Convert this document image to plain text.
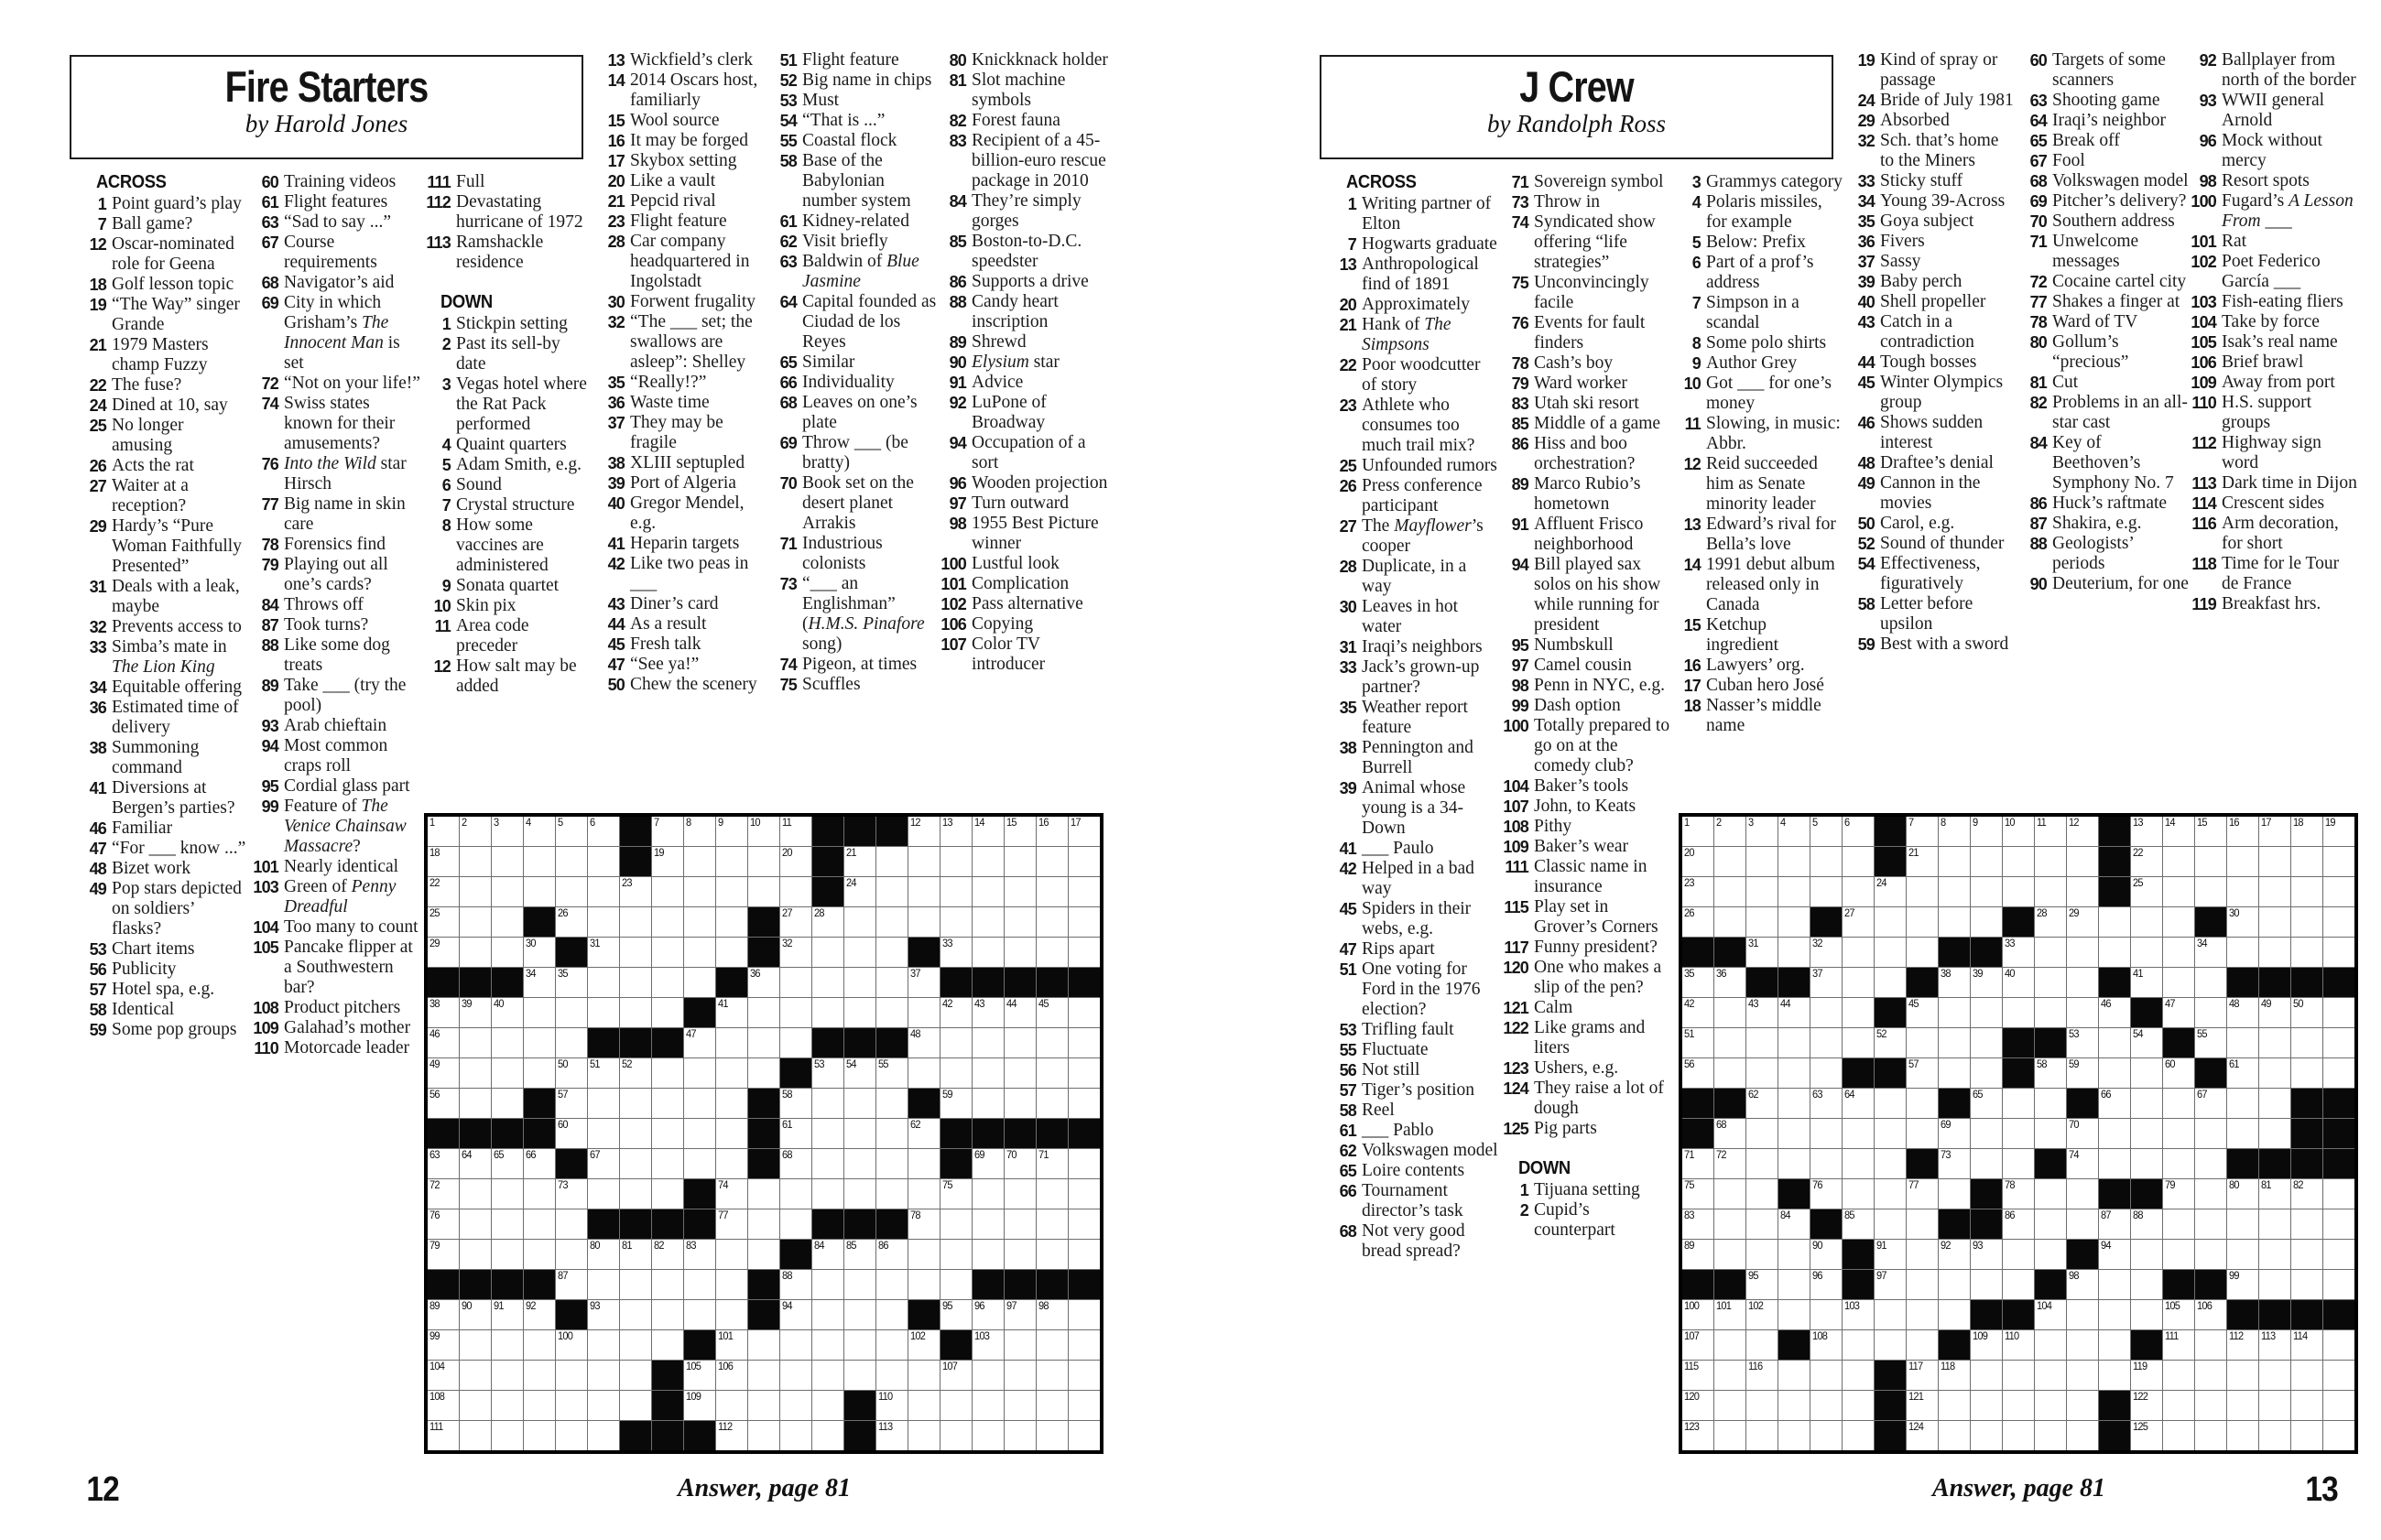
Fire Starters
by Harold Jones
ACROSS
1 Point guard’s play
7 Ball game?
12 Oscar-nominated role for Geena
18 Golf lesson topic
19 “The Way” singer Grande
21 1979 Masters champ Fuzzy
22 The fuse?
24 Dined at 10, say
25 No longer amusing
26 Acts the rat
27 Waiter at a reception?
29 Hardy’s “Pure Woman Faithfully Presented”
31 Deals with a leak, maybe
32 Prevents access to
33 Simba’s mate in The Lion King
34 Equitable offering
36 Estimated time of delivery
38 Summoning command
41 Diversions at Bergen’s parties?
46 Familiar
47 “For ___ know ...”
48 Bizet work
49 Pop stars depicted on soldiers’ flasks?
53 Chart items
56 Publicity
57 Hotel spa, e.g.
58 Identical
59 Some pop groups
60 Training videos
61 Flight features
63 “Sad to say ...”
67 Course requirements
68 Navigator’s aid
69 City in which Grisham’s The Innocent Man is set
72 “Not on your life!”
74 Swiss states known for their amusements?
76 Into the Wild star Hirsch
77 Big name in skin care
78 Forensics find
79 Playing out all one’s cards?
84 Throws off
87 Took turns?
88 Like some dog treats
89 Take ___ (try the pool)
93 Arab chieftain
94 Most common craps roll
95 Cordial glass part
99 Feature of The Venice Chainsaw Massacre?
101 Nearly identical
103 Green of Penny Dreadful
104 Too many to count
105 Pancake flipper at a Southwestern bar?
108 Product pitchers
109 Galahad’s mother
110 Motorcade leader
111 Full
112 Devastating hurricane of 1972
113 Ramshackle residence
DOWN
1 Stickpin setting
2 Past its sell-by date
3 Vegas hotel where the Rat Pack performed
4 Quaint quarters
5 Adam Smith, e.g.
6 Sound
7 Crystal structure
8 How some vaccines are administered
9 Sonata quartet
10 Skin pix
11 Area code preceder
12 How salt may be added
13 Wickfield’s clerk
14 2014 Oscars host, familiarly
15 Wool source
16 It may be forged
17 Skybox setting
20 Like a vault
21 Pepcid rival
23 Flight feature
28 Car company headquartered in Ingolstadt
30 Forwent frugality
32 “The ___ set; the swallows are asleep”: Shelley
35 “Really!?”
36 Waste time
37 They may be fragile
38 XLIII septupled
39 Port of Algeria
40 Gregor Mendel, e.g.
41 Heparin targets
42 Like two peas in ___
43 Diner’s card
44 As a result
45 Fresh talk
47 “See ya!”
50 Chew the scenery
51 Flight feature
52 Big name in chips
53 Must
54 “That is ...”
55 Coastal flock
58 Base of the Babylonian number system
61 Kidney-related
62 Visit briefly
63 Baldwin of Blue Jasmine
64 Capital founded as Ciudad de los Reyes
65 Similar
66 Individuality
68 Leaves on one’s plate
69 Throw ___ (be bratty)
70 Book set on the desert planet Arrakis
71 Industrious colonists
73 “___ an Englishman” (H.M.S. Pinafore song)
74 Pigeon, at times
75 Scuffles
80 Knickknack holder
81 Slot machine symbols
82 Forest fauna
83 Recipient of a 45-billion-euro rescue package in 2010
84 They’re simply gorges
85 Boston-to-D.C. speedster
86 Supports a drive
88 Candy heart inscription
89 Shrewd
90 Elysium star
91 Advice
92 LuPone of Broadway
94 Occupation of a sort
96 Wooden projection
97 Turn outward
98 1955 Best Picture winner
100 Lustful look
101 Complication
102 Pass alternative
106 Copying
107 Color TV introducer
1 2 3 4 5 6	7 8 9 10 11	12 13 14 15 16 17
18	19	20	21
22	23	24
25	26	27 28
29	30	31	32	33
34 35	36	37
38 39 40	41	42 43 44 45
46	47	48
49	50 51 52	53 54 55
56	57	58	59
60	61	62
63 64 65 66	67	68	69 70 71
72	73	74	75
76	77	78
79	80 81 82 83	84 85 86
87	88
89 90 91 92	93	94	95 96 97 98
99	100	101	102	103
104	105 106	107
108	109	110
111	112	113
Answer, page 81
12
J Crew
by Randolph Ross
ACROSS
1 Writing partner of Elton
7 Hogwarts graduate
13 Anthropological find of 1891
20 Approximately
21 Hank of The Simpsons
22 Poor woodcutter of story
23 Athlete who consumes too much trail mix?
25 Unfounded rumors
26 Press conference participant
27 The Mayflower’s cooper
28 Duplicate, in a way
30 Leaves in hot water
31 Iraqi’s neighbors
33 Jack’s grown-up partner?
35 Weather report feature
38 Pennington and Burrell
39 Animal whose young is a 34-Down
41 ___ Paulo
42 Helped in a bad way
45 Spiders in their webs, e.g.
47 Rips apart
51 One voting for Ford in the 1976 election?
53 Trifling fault
55 Fluctuate
56 Not still
57 Tiger’s position
58 Reel
61 ___ Pablo
62 Volkswagen model
65 Loire contents
66 Tournament director’s task
68 Not very good bread spread?
71 Sovereign symbol
73 Throw in
74 Syndicated show offering “life strategies”
75 Unconvincingly facile
76 Events for fault finders
78 Cash’s boy
79 Ward worker
83 Utah ski resort
85 Middle of a game
86 Hiss and boo orchestration?
89 Marco Rubio’s hometown
91 Affluent Frisco neighborhood
94 Bill played sax solos on his show while running for president
95 Numbskull
97 Camel cousin
98 Penn in NYC, e.g.
99 Dash option
100 Totally prepared to go on at the comedy club?
104 Baker’s tools
107 John, to Keats
108 Pithy
109 Baker’s wear
111 Classic name in insurance
115 Play set in Grover’s Corners
117 Funny president?
120 One who makes a slip of the pen?
121 Calm
122 Like grams and liters
123 Ushers, e.g.
124 They raise a lot of dough
125 Pig parts
DOWN
1 Tijuana setting
2 Cupid’s counterpart
3 Grammys category
4 Polaris missiles, for example
5 Below: Prefix
6 Part of a prof’s address
7 Simpson in a scandal
8 Some polo shirts
9 Author Grey
10 Got ___ for one’s money
11 Slowing, in music: Abbr.
12 Reid succeeded him as Senate minority leader
13 Edward’s rival for Bella’s love
14 1991 debut album released only in Canada
15 Ketchup ingredient
16 Lawyers’ org.
17 Cuban hero José
18 Nasser’s middle name
19 Kind of spray or passage
24 Bride of July 1981
29 Absorbed
32 Sch. that’s home to the Miners
33 Sticky stuff
34 Young 39-Across
35 Goya subject
36 Fivers
37 Sassy
39 Baby perch
40 Shell propeller
43 Catch in a contradiction
44 Tough bosses
45 Winter Olympics group
46 Shows sudden interest
48 Draftee’s denial
49 Cannon in the movies
50 Carol, e.g.
52 Sound of thunder
54 Effectiveness, figuratively
58 Letter before upsilon
59 Best with a sword
60 Targets of some scanners
63 Shooting game
64 Iraqi’s neighbor
65 Break off
67 Fool
68 Volkswagen model
69 Pitcher’s delivery?
70 Southern address
71 Unwelcome messages
72 Cocaine cartel city
77 Shakes a finger at
78 Ward of TV
80 Gollum’s “precious”
81 Cut
82 Problems in an all-star cast
84 Key of Beethoven’s Symphony No. 7
86 Huck’s raftmate
87 Shakira, e.g.
88 Geologists’ periods
90 Deuterium, for one
92 Ballplayer from north of the border
93 WWII general Arnold
96 Mock without mercy
98 Resort spots
100 Fugard’s A Lesson From ___
101 Rat
102 Poet Federico García ___
103 Fish-eating fliers
104 Take by force
105 Isak’s real name
106 Brief brawl
109 Away from port
110 H.S. support groups
112 Highway sign word
113 Dark time in Dijon
114 Crescent sides
116 Arm decoration, for short
118 Time for le Tour de France
119 Breakfast hrs.
1 2 3 4 5 6	7 8 9 10 11 12	13 14 15 16 17 18 19
20	21	22
23	24	25
26	27	28 29	30
31	32	33	34
35 36	37	38 39 40	41
42	43 44	45	46	47	48 49 50
51	52	53	54	55
56	57	58 59	60	61
62	63 64	65	66	67
68	69	70
71 72	73	74
75	76	77	78	79	80 81 82
83	84	85	86	87 88
89	90	91	92 93	94
95	96	97	98	99
100 101 102	103	104	105 106
107	108	109 110	111	112 113 114
115	116	117 118	119
120	121	122
123	124	125
Answer, page 81	13
